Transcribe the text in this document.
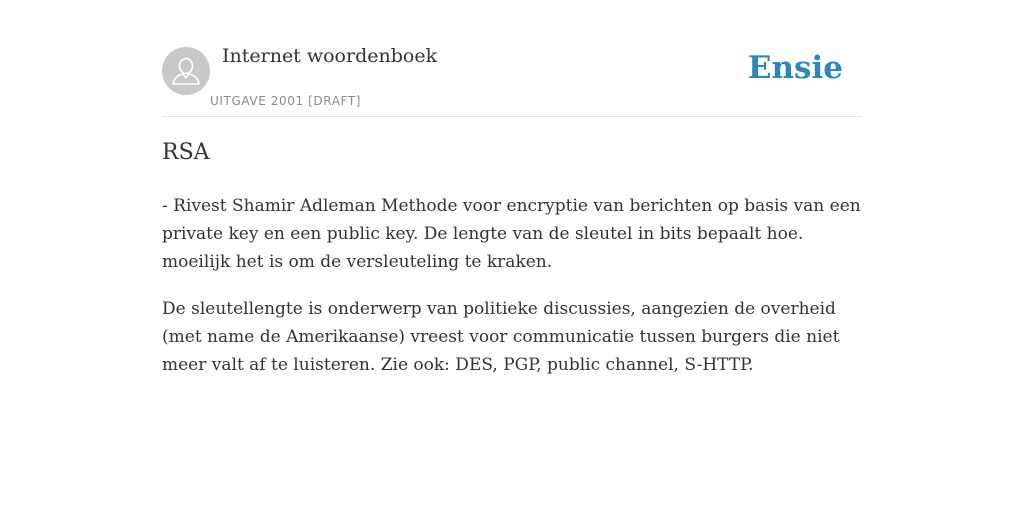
Internet woordenboek
UITGAVE 2001 [DRAFT]
Ensie
RSA

- Rivest Shamir Adleman Methode voor encryptie van berichten op basis van een private key en een public key. De lengte van de sleutel in bits bepaalt hoe. moeilijk het is om de versleuteling te kraken.

De sleutellengte is onderwerp van politieke discussies, aangezien de overheid (met name de Amerikaanse) vreest voor communicatie tussen burgers die niet meer valt af te luisteren. Zie ook: DES, PGP, public channel, S-HTTP.
